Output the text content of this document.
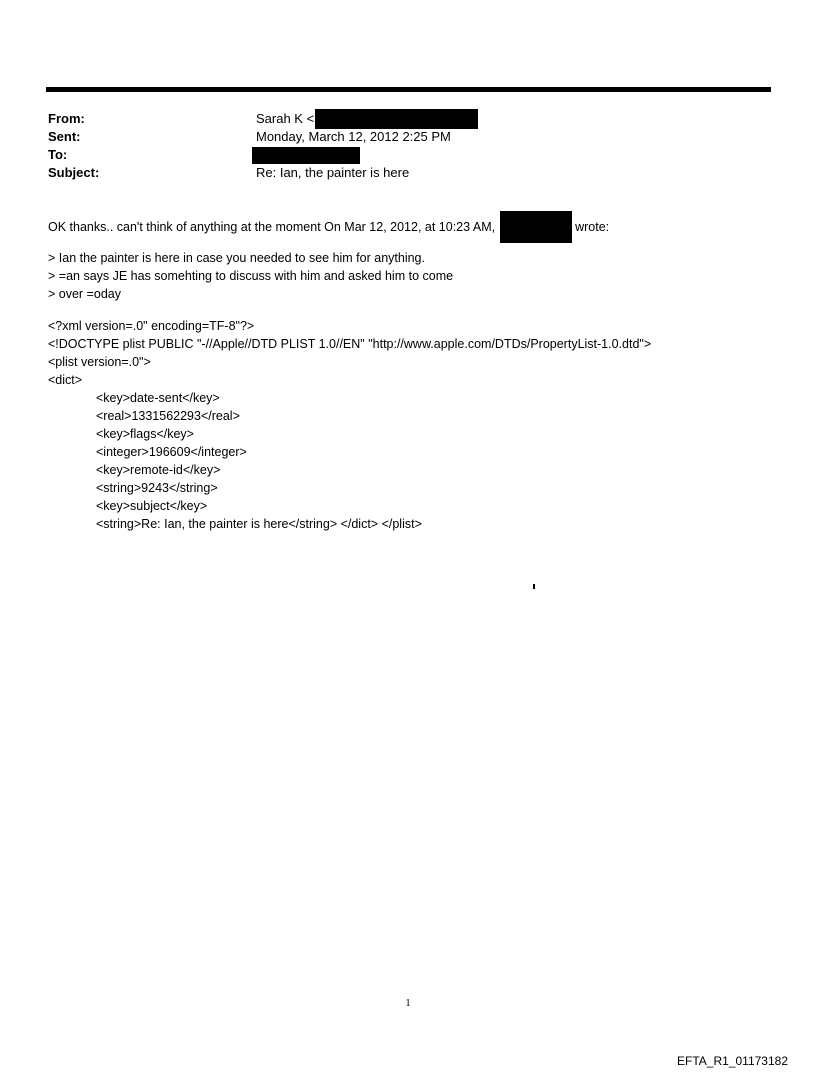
From:	Sarah K <
Sent:	Monday, March 12, 2012 2:25 PM
To:
Subject:	Re: Ian, the painter is here
OK thanks.. can't think of anything at the moment On Mar 12, 2012, at 10:23 AM,	wrote:
> Ian the painter is here in case you needed to see him for anything.
> =an says JE has somehting to discuss with him and asked him to come
> over =oday
<?xml version=.0" encoding=TF-8"?>
<!DOCTYPE plist PUBLIC "-//Apple//DTD PLIST 1.0//EN" "http://www.apple.com/DTDs/PropertyList-1.0.dtd">
<plist version=.0">
<dict>
<key>date-sent</key>
<real>1331562293</real>
<key>flags</key>
<integer>196609</integer>
<key>remote-id</key>
<string>9243</string>
<key>subject</key>
<string>Re: Ian, the painter is here</string> </dict> </plist>
1
EFTA_R1_01173182
